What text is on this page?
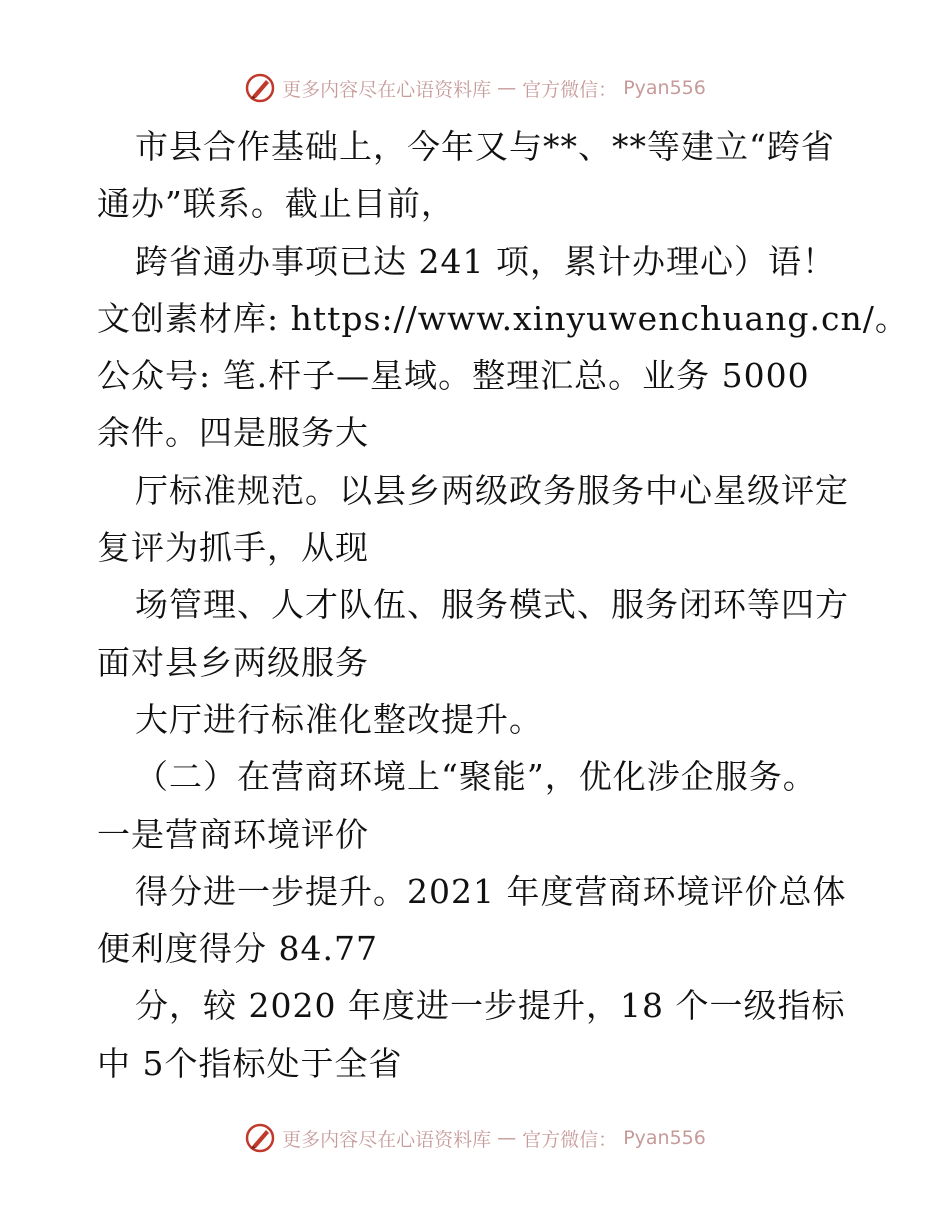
更多内容尽在心语资料库 — 官方微信： Pyan556
市县合作基础上，今年又与**、**等建立“跨省
通办”联系。截止目前，
跨省通办事项已达 241 项，累计办理心）语！
文创素材库: https://www.xinyuwenchuang.cn/。
公众号: 笔.杆子—星域。整理汇总。业务 5000
余件。四是服务大
厅标准规范。以县乡两级政务服务中心星级评定
复评为抓手，从现
场管理、人才队伍、服务模式、服务闭环等四方
面对县乡两级服务
大厅进行标准化整改提升。
（二）在营商环境上“聚能”，优化涉企服务。
一是营商环境评价
得分进一步提升。2021 年度营商环境评价总体
便利度得分 84.77
分，较 2020 年度进一步提升，18 个一级指标
中 5个指标处于全省
更多内容尽在心语资料库 — 官方微信： Pyan556
